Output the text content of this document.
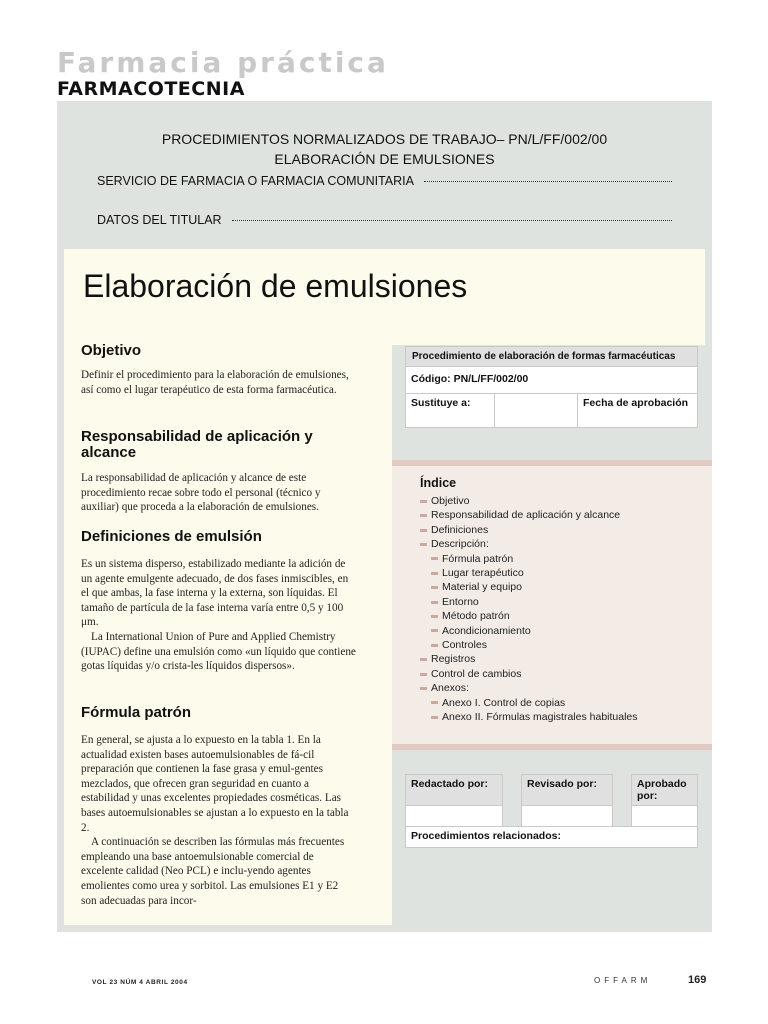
Farmacia práctica
FARMACOTECNIA
PROCEDIMIENTOS NORMALIZADOS DE TRABAJO– PN/L/FF/002/00
ELABORACIÓN DE EMULSIONES
SERVICIO DE FARMACIA O FARMACIA COMUNITARIA
DATOS DEL TITULAR
Elaboración de emulsiones
Objetivo

Definir el procedimiento para la elaboración de emulsiones, así como el lugar terapéutico de esta forma farmacéutica.

Responsabilidad de aplicación y alcance

La responsabilidad de aplicación y alcance de este procedimiento recae sobre todo el personal (técnico y auxiliar) que proceda a la elaboración de emulsiones.

Definiciones de emulsión

Es un sistema disperso, estabilizado mediante la adición de un agente emulgente adecuado, de dos fases inmiscibles, en el que ambas, la fase interna y la externa, son líquidas. El tamaño de partícula de la fase interna varía entre 0,5 y 100 μm.

La International Union of Pure and Applied Chemistry (IUPAC) define una emulsión como «un líquido que contiene gotas líquidas y/o crista-les líquidos dispersos».

Fórmula patrón

En general, se ajusta a lo expuesto en la tabla 1. En la actualidad existen bases autoemulsionables de fá-cil preparación que contienen la fase grasa y emul-gentes mezclados, que ofrecen gran seguridad en cuanto a estabilidad y unas excelentes propiedades cosméticas. Las bases autoemulsionables se ajustan a lo expuesto en la tabla 2.

A continuación se describen las fórmulas más frecuentes empleando una base antoemulsionable comercial de excelente calidad (Neo PCL) e inclu-yendo agentes emolientes como urea y sorbitol. Las emulsiones E1 y E2 son adecuadas para incor-

Procedimiento de elaboración de formas farmacéuticas
Código: PN/L/FF/002/00
Sustituye a:		Fecha de aprobación
Índice
Objetivo
Responsabilidad de aplicación y alcance
Definiciones
Descripción:
Fórmula patrón
Lugar terapéutico
Material y equipo
Entorno
Método patrón
Acondicionamiento
Controles
Registros
Control de cambios
Anexos:
Anexo I. Control de copias
Anexo II. Fórmulas magistrales habituales
Redactado por:		Revisado por:		Aprobado por:

Procedimientos relacionados:
VOL 23 NÚM 4 ABRIL 2004	OFFARM	169
